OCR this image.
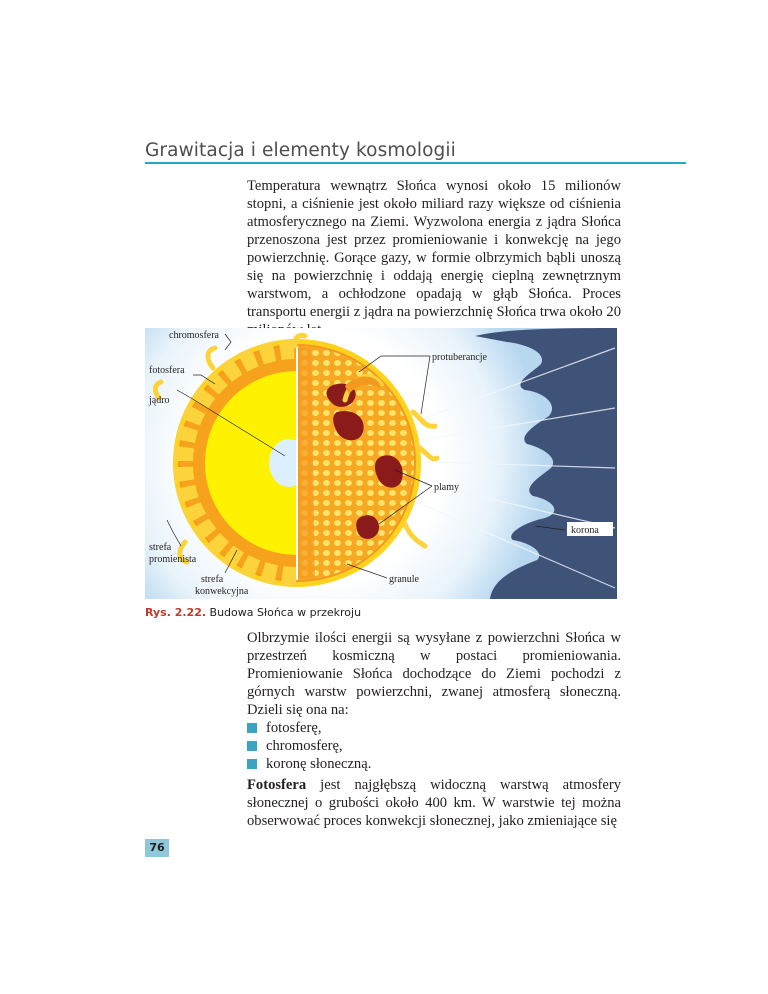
Grawitacja i elementy kosmologii

Temperatura wewnątrz Słońca wynosi około 15 milionów stopni, a ciśnienie jest około miliard razy większe od ciśnienia atmosferycznego na Ziemi. Wyzwolona energia z jądra Słońca przenoszona jest przez promieniowanie i konwekcję na jego powierzchnię. Gorące gazy, w formie olbrzymich bąbli unoszą się na powierzchnię i oddają energię cieplną zewnętrznym warstwom, a ochłodzone opadają w głąb Słońca. Proces transportu energii z jądra na powierzchnię Słońca trwa około 20

chromosfera
fotosfera
jądro
protuberancje
plamy
korona
strefa
promienista
strefa
konwekcyjna
granule
Rys. 2.22. Budowa Słońca w przekroju

Olbrzymie ilości energii są wysyłane z powierzchni Słońca w przestrzeń kosmiczną w postaci promieniowania. Promieniowanie Słońca dochodzące do Ziemi pochodzi z górnych warstw powierzchni, zwanej atmosferą słoneczną. Dzieli się ona na:

fotosferę,
chromosferę,
koronę słoneczną.

Fotosfera jest najgłębszą widoczną warstwą atmosfery słonecznej o grubości około 400 km. W warstwie tej można obserwować proces konwekcji słonecznej, jako zmieniające się

76
